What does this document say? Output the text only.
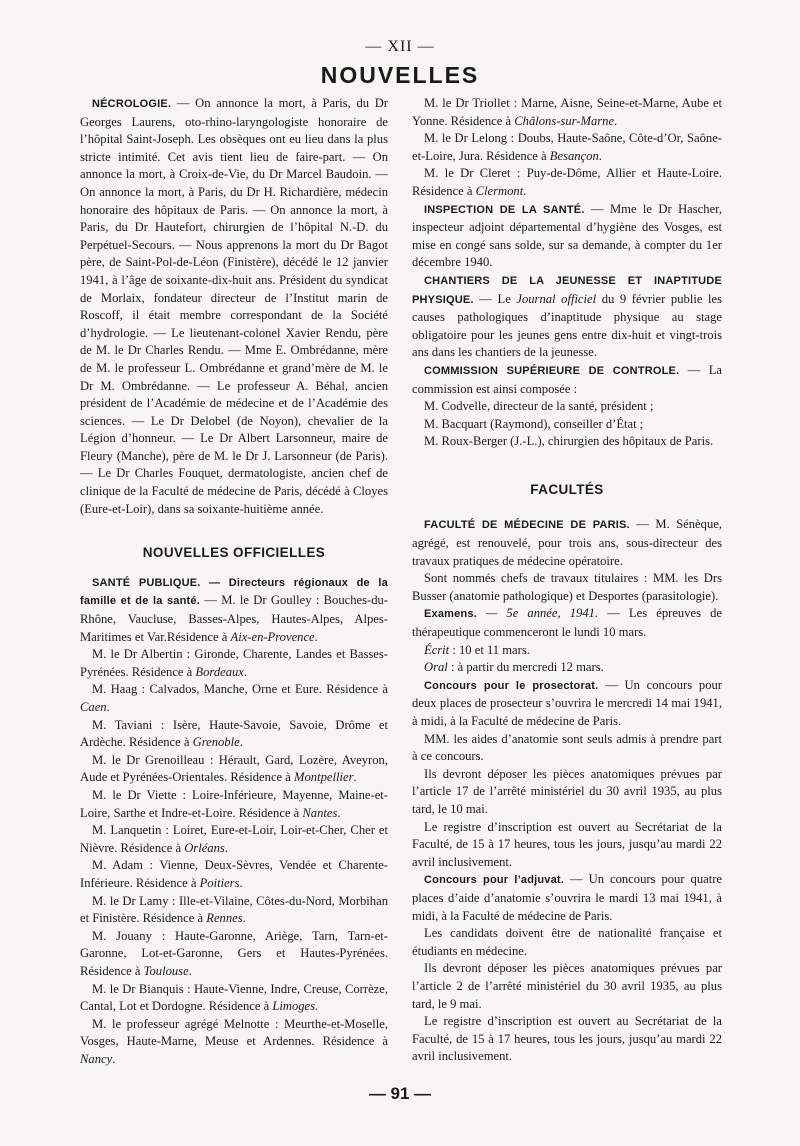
— XII —
NOUVELLES

NÉCROLOGIE. — On annonce la mort, à Paris, du Dr Georges Laurens, oto-rhino-laryngologiste honoraire de l’hôpital Saint-Joseph. Les obsèques ont eu lieu dans la plus stricte intimité. Cet avis tient lieu de faire-part. — On annonce la mort, à Croix-de-Vie, du Dr Marcel Baudoin. — On annonce la mort, à Paris, du Dr H. Richardière, médecin honoraire des hôpitaux de Paris. — On annonce la mort, à Paris, du Dr Hautefort, chirurgien de l’hôpital N.-D. du Perpétuel-Secours. — Nous apprenons la mort du Dr Bagot père, de Saint-Pol-de-Léon (Finistère), décédé le 12 janvier 1941, à l’âge de soixante-dix-huit ans. Président du syndicat de Morlaix, fondateur directeur de l’Institut marin de Roscoff, il était membre correspondant de la Société d’hydrologie. — Le lieutenant-colonel Xavier Rendu, père de M. le Dr Charles Rendu. — Mme E. Ombrédanne, mère de M. le professeur L. Ombrédanne et grand’mère de M. le Dr M. Ombrédanne. — Le professeur A. Béhal, ancien président de l’Académie de médecine et de l’Académie des sciences. — Le Dr Delobel (de Noyon), chevalier de la Légion d’honneur. — Le Dr Albert Larsonneur, maire de Fleury (Manche), père de M. le Dr J. Larsonneur (de Paris). — Le Dr Charles Fouquet, dermatologiste, ancien chef de clinique de la Faculté de médecine de Paris, décédé à Cloyes (Eure-et-Loir), dans sa soixante-huitième année.

NOUVELLES OFFICIELLES

SANTÉ PUBLIQUE. — Directeurs régionaux de la famille et de la santé. — M. le Dr Goulley : Bouches-du-Rhône, Vaucluse, Basses-Alpes, Hautes-Alpes, Alpes-Maritimes et Var.Résidence à Aix-en-Provence.

M. le Dr Albertin : Gironde, Charente, Landes et Basses-Pyrénées. Résidence à Bordeaux.

M. Haag : Calvados, Manche, Orne et Eure. Résidence à Caen.

M. Taviani : Isère, Haute-Savoie, Savoie, Drôme et Ardèche. Résidence à Grenoble.

M. le Dr Grenoilleau : Hérault, Gard, Lozère, Aveyron, Aude et Pyrénées-Orientales. Résidence à Montpellier.

M. le Dr Viette : Loire-Inférieure, Mayenne, Maine-et-Loire, Sarthe et Indre-et-Loire. Résidence à Nantes.

M. Lanquetin : Loiret, Eure-et-Loir, Loir-et-Cher, Cher et Nièvre. Résidence à Orléans.

M. Adam : Vienne, Deux-Sèvres, Vendée et Charente-Inférieure. Résidence à Poitiers.

M. le Dr Lamy : Ille-et-Vilaine, Côtes-du-Nord, Morbihan et Finistère. Résidence à Rennes.

M. Jouany : Haute-Garonne, Ariège, Tarn, Tarn-et-Garonne, Lot-et-Garonne, Gers et Hautes-Pyrénées. Résidence à Toulouse.

M. le Dr Bianquis : Haute-Vienne, Indre, Creuse, Corrèze, Cantal, Lot et Dordogne. Résidence à Limoges.

M. le professeur agrégé Melnotte : Meurthe-et-Moselle, Vosges, Haute-Marne, Meuse et Ardennes. Résidence à Nancy.

M. le Dr Triollet : Marne, Aisne, Seine-et-Marne, Aube et Yonne. Résidence à Châlons-sur-Marne.

M. le Dr Lelong : Doubs, Haute-Saône, Côte-d’Or, Saône-et-Loire, Jura. Résidence à Besançon.

M. le Dr Cleret : Puy-de-Dôme, Allier et Haute-Loire. Résidence à Clermont.

INSPECTION DE LA SANTÉ. — Mme le Dr Hascher, inspecteur adjoint départemental d’hygiène des Vosges, est mise en congé sans solde, sur sa demande, à compter du 1er décembre 1940.

CHANTIERS DE LA JEUNESSE ET INAPTITUDE PHYSIQUE. — Le Journal officiel du 9 février publie les causes pathologiques d’inaptitude physique au stage obligatoire pour les jeunes gens entre dix-huit et vingt-trois ans dans les chantiers de la jeunesse.

COMMISSION SUPÉRIEURE DE CONTROLE. — La commission est ainsi composée :

M. Codvelle, directeur de la santé, président ;

M. Bacquart (Raymond), conseiller d’État ;

M. Roux-Berger (J.-L.), chirurgien des hôpitaux de Paris.

FACULTÉS

FACULTÉ DE MÉDECINE DE PARIS. — M. Sénèque, agrégé, est renouvelé, pour trois ans, sous-directeur des travaux pratiques de médecine opératoire.

Sont nommés chefs de travaux titulaires : MM. les Drs Busser (anatomie pathologique) et Desportes (parasitologie).

Examens. — 5e année, 1941. — Les épreuves de thérapeutique commenceront le lundi 10 mars.

Écrit : 10 et 11 mars.

Oral : à partir du mercredi 12 mars.

Concours pour le prosectorat. — Un concours pour deux places de prosecteur s’ouvrira le mercredi 14 mai 1941, à midi, à la Faculté de médecine de Paris.

MM. les aides d’anatomie sont seuls admis à prendre part à ce concours.

Ils devront déposer les pièces anatomiques prévues par l’article 17 de l’arrêté ministériel du 30 avril 1935, au plus tard, le 10 mai.

Le registre d’inscription est ouvert au Secrétariat de la Faculté, de 15 à 17 heures, tous les jours, jusqu’au mardi 22 avril inclusivement.

Concours pour l’adjuvat. — Un concours pour quatre places d’aide d’anatomie s’ouvrira le mardi 13 mai 1941, à midi, à la Faculté de médecine de Paris.

Les candidats doivent être de nationalité française et étudiants en médecine.

Ils devront déposer les pièces anatomiques prévues par l’article 2 de l’arrêté ministériel du 30 avril 1935, au plus tard, le 9 mai.

Le registre d’inscription est ouvert au Secrétariat de la Faculté, de 15 à 17 heures, tous les jours, jusqu’au mardi 22 avril inclusivement.

— 91 —
